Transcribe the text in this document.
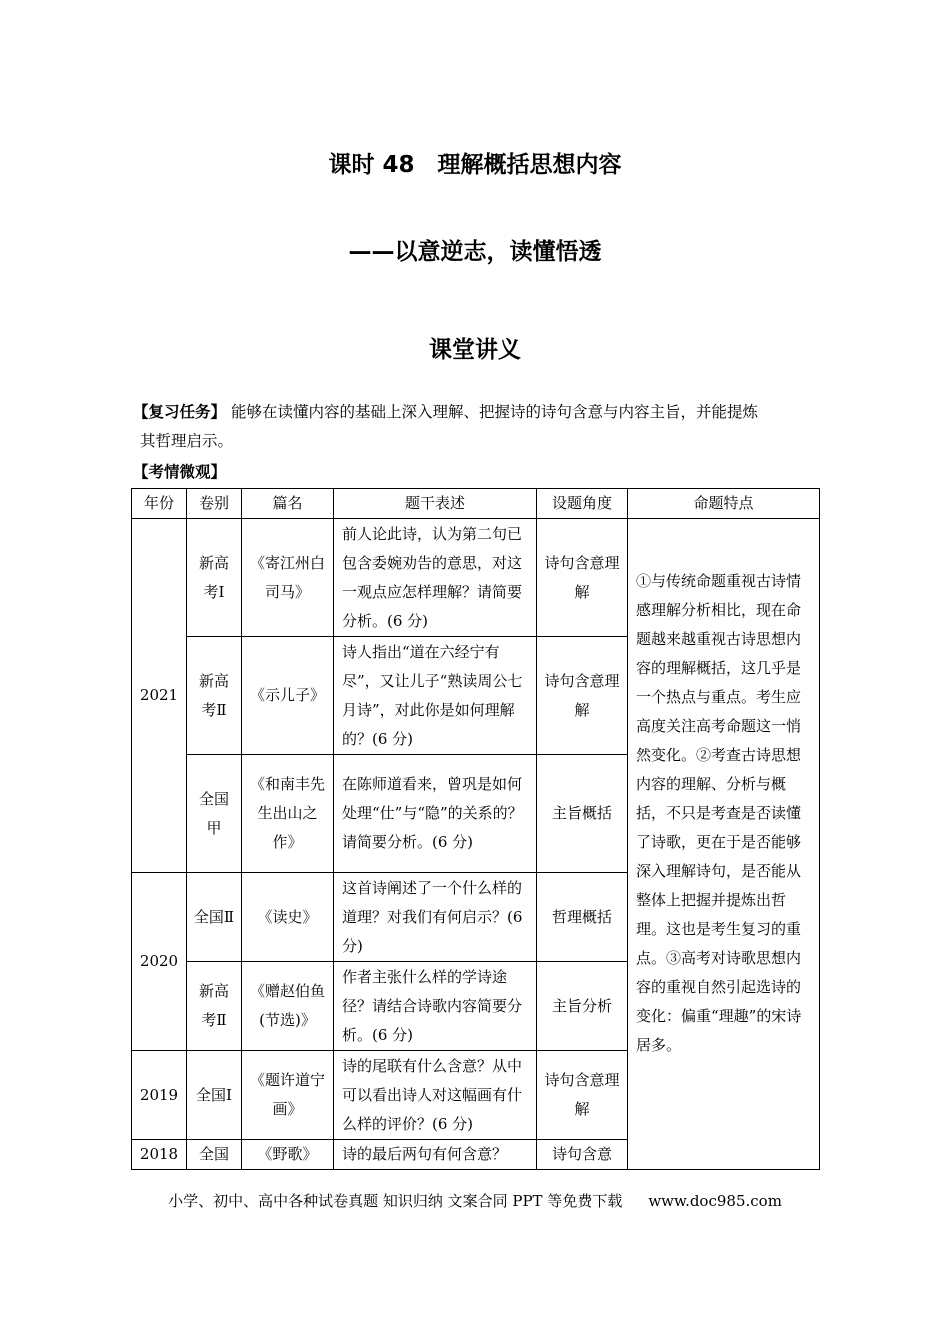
课时 48　理解概括思想内容
——以意逆志，读懂悟透
课堂讲义
【复习任务】 能够在读懂内容的基础上深入理解、把握诗的诗句含意与内容主旨，并能提炼
其哲理启示。
【考情微观】
年份	卷别	篇名	题干表述	设题角度	命题特点
2021	新高考Ⅰ	《寄江州白司马》	前人论此诗，认为第二句已包含委婉劝告的意思，对这一观点应怎样理解？请简要分析。(6 分)	诗句含意理解	①与传统命题重视古诗情感理解分析相比，现在命题越来越重视古诗思想内容的理解概括，这几乎是一个热点与重点。考生应高度关注高考命题这一悄然变化。②考查古诗思想内容的理解、分析与概括，不只是考查是否读懂了诗歌，更在于是否能够深入理解诗句，是否能从整体上把握并提炼出哲理。这也是考生复习的重点。③高考对诗歌思想内容的重视自然引起选诗的变化：偏重“理趣”的宋诗居多。
	新高考Ⅱ	《示儿子》	诗人指出“道在六经宁有尽”，又让儿子“熟读周公七月诗”，对此你是如何理解的？(6 分)	诗句含意理解	
	全国甲	《和南丰先生出山之作》	在陈师道看来，曾巩是如何处理“仕”与“隐”的关系的？请简要分析。(6 分)	主旨概括	
2020	全国Ⅱ	《读史》	这首诗阐述了一个什么样的道理？对我们有何启示？(6 分)	哲理概括	
	新高考Ⅱ	《赠赵伯鱼(节选)》	作者主张什么样的学诗途径？请结合诗歌内容简要分析。(6 分)	主旨分析	
2019	全国Ⅰ	《题许道宁画》	诗的尾联有什么含意？从中可以看出诗人对这幅画有什么样的评价？(6 分)	诗句含意理解	
2018	全国	《野歌》	诗的最后两句有何含意？	诗句含意	
小学、初中、高中各种试卷真题 知识归纳 文案合同 PPT 等免费下载 www.doc985.com
